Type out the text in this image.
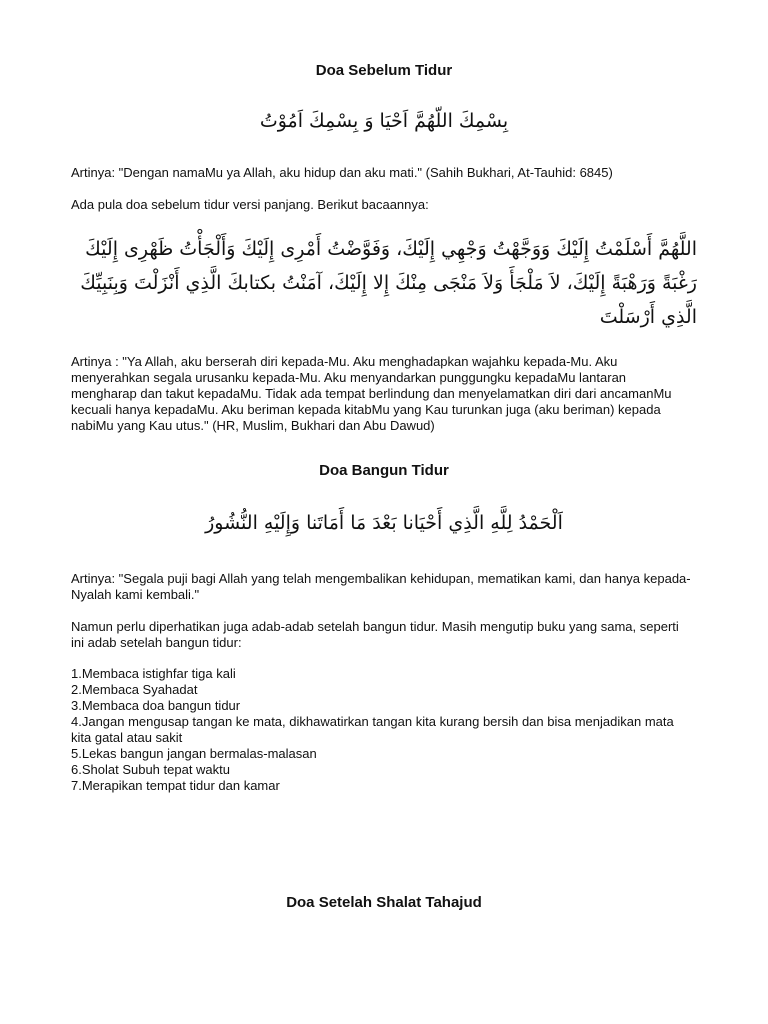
Doa Sebelum Tidur

بِسْمِكَ اللّهُمَّ اَحْيَا وَ بِسْمِكَ اَمُوْتُ

Artinya: "Dengan namaMu ya Allah, aku hidup dan aku mati." (Sahih Bukhari, At-Tauhid: 6845)

Ada pula doa sebelum tidur versi panjang. Berikut bacaannya:

اللَّهُمَّ أَسْلَمْتُ إِلَيْكَ وَوَجَّهْتُ وَجْهِي إِلَيْكَ، وَفَوَّضْتُ أَمْرِى إِلَيْكَ وَأَلْجَأْتُ ظَهْرِى إِلَيْكَ رَغْبَةً وَرَهْبَةً إِلَيْكَ، لاَ مَلْجَأَ وَلاَ مَنْجَى مِنْكَ إِلا إِلَيْكَ، آمَنْتُ بكتابكَ الَّذِي أَنْزَلْتَ وَبِنَبِيِّكَ الَّذِي أَرْسَلْتَ

Artinya : "Ya Allah, aku berserah diri kepada-Mu. Aku menghadapkan wajahku kepada-Mu. Aku menyerahkan segala urusanku kepada-Mu. Aku menyandarkan punggungku kepadaMu lantaran mengharap dan takut kepadaMu. Tidak ada tempat berlindung dan menyelamatkan diri dari ancamanMu kecuali hanya kepadaMu. Aku beriman kepada kitabMu yang Kau turunkan juga (aku beriman) kepada nabiMu yang Kau utus." (HR, Muslim, Bukhari dan Abu Dawud)

Doa Bangun Tidur

اَلْحَمْدُ لِلَّهِ الَّذِي أَحْيَانا بَعْدَ مَا أَمَاتَنا وَإِلَيْهِ النُّشُورُ

Artinya: "Segala puji bagi Allah yang telah mengembalikan kehidupan, mematikan kami, dan hanya kepada-Nyalah kami kembali."

Namun perlu diperhatikan juga adab-adab setelah bangun tidur. Masih mengutip buku yang sama, seperti ini adab setelah bangun tidur:

1.Membaca istighfar tiga kali
2.Membaca Syahadat
3.Membaca doa bangun tidur
4.Jangan mengusap tangan ke mata, dikhawatirkan tangan kita kurang bersih dan bisa menjadikan mata kita gatal atau sakit
5.Lekas bangun jangan bermalas-malasan
6.Sholat Subuh tepat waktu
7.Merapikan tempat tidur dan kamar
Doa Setelah Shalat Tahajud
